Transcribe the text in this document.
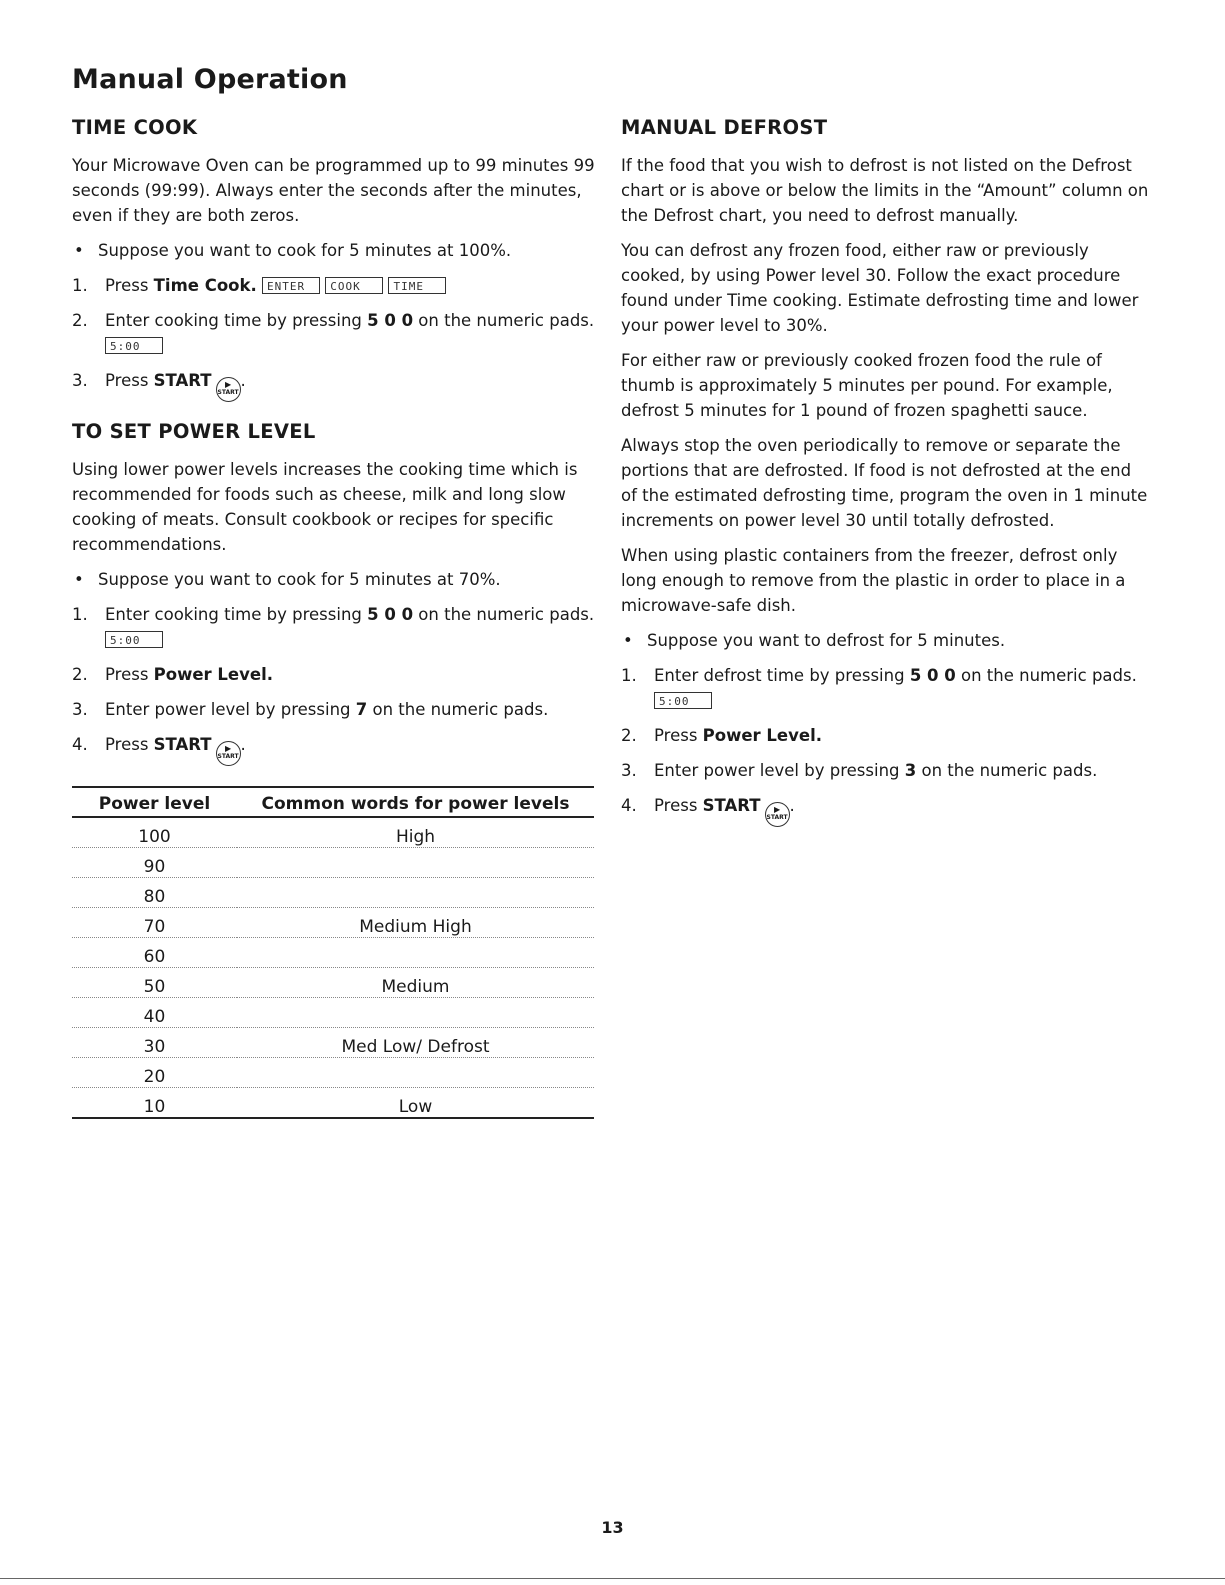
Manual Operation
TIME COOK

Your Microwave Oven can be programmed up to 99 minutes 99 seconds (99:99). Always enter the seconds after the minutes, even if they are both zeros.

• Suppose you want to cook for 5 minutes at 100%.
1. Press Time Cook. ENTER COOK	TIME
2. Enter cooking time by pressing 5 0 0 on the numeric pads. 5:00
3. Press START	▶
START
.
TO SET POWER LEVEL

Using lower power levels increases the cooking time which is recommended for foods such as cheese, milk and long slow cooking of meats. Consult cookbook or recipes for specific recommendations.

• Suppose you want to cook for 5 minutes at 70%.
1. Enter cooking time by pressing 5 0 0 on the numeric pads. 5:00
2. Press Power Level.
3. Enter power level by pressing 7 on the numeric pads.
4. Press START	▶
START
.
Power level	Common words for power levels
100	High
90	
80	
70	Medium High
60	
50	Medium
40	
30	Med Low/ Defrost
20	
10	Low
MANUAL DEFROST

If the food that you wish to defrost is not listed on the Defrost chart or is above or below the limits in the “Amount” column on the Defrost chart, you need to defrost manually.

You can defrost any frozen food, either raw or previously cooked, by using Power level 30. Follow the exact procedure found under Time cooking. Estimate defrosting time and lower your power level to 30%.

For either raw or previously cooked frozen food the rule of thumb is approximately 5 minutes per pound. For example, defrost 5 minutes for 1 pound of frozen spaghetti sauce.

Always stop the oven periodically to remove or separate the portions that are defrosted. If food is not defrosted at the end of the estimated defrosting time, program the oven in 1 minute increments on power level 30 until totally defrosted.

When using plastic containers from the freezer, defrost only long enough to remove from the plastic in order to place in a microwave-safe dish.

• Suppose you want to defrost for 5 minutes.
1. Enter defrost time by pressing 5 0 0 on the numeric pads. 5:00
2. Press Power Level.
3. Enter power level by pressing 3 on the numeric pads.
4. Press START	▶
START
.
13
